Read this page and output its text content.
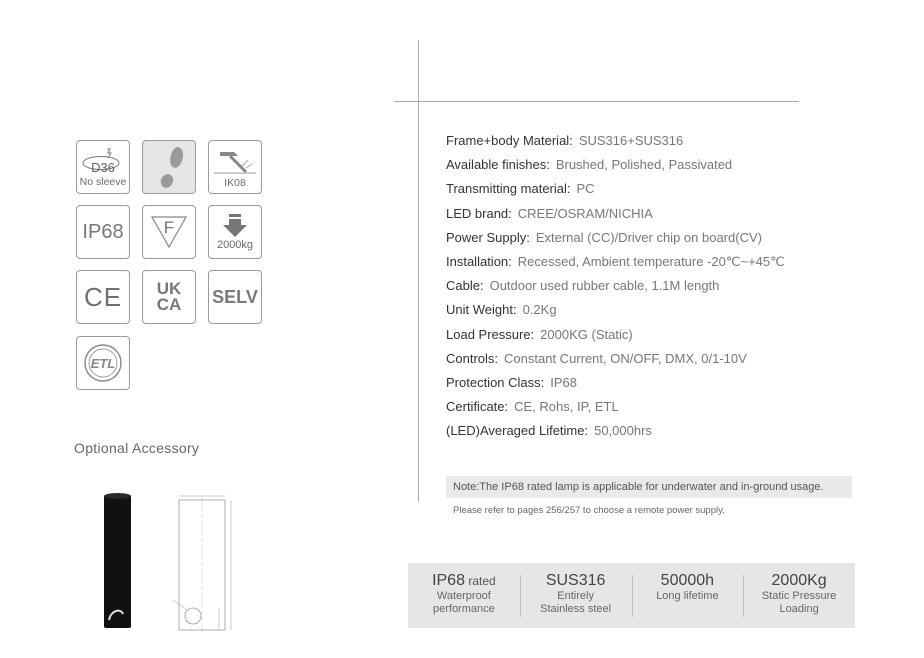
D36
No sleeve	IK08
IP68 F
2000kg
CE UK
CA SELV
ETL
Optional Accessory
Frame+body Material: SUS316+SUS316
Available finishes: Brushed, Polished, Passivated
Transmitting material: PC
LED brand: CREE/OSRAM/NICHIA
Power Supply: External (CC)/Driver chip on board(CV)
Installation: Recessed, Ambient temperature -20℃~+45℃
Cable: Outdoor used rubber cable, 1.1M length
Unit Weight: 0.2Kg
Load Pressure: 2000KG (Static)
Controls: Constant Current, ON/OFF, DMX, 0/1-10V
Protection Class: IP68
Certificate: CE, Rohs, IP, ETL
(LED)Averaged Lifetime: 50,000hrs
Note:The IP68 rated lamp is applicable for underwater and in-ground usage.
Please refer to pages 256/257 to choose a remote power supply.
IP68 rated
Waterproof
performance
SUS316
Entirely
Stainless steel
50000h
Long lifetime
2000Kg
Static Pressure
Loading
